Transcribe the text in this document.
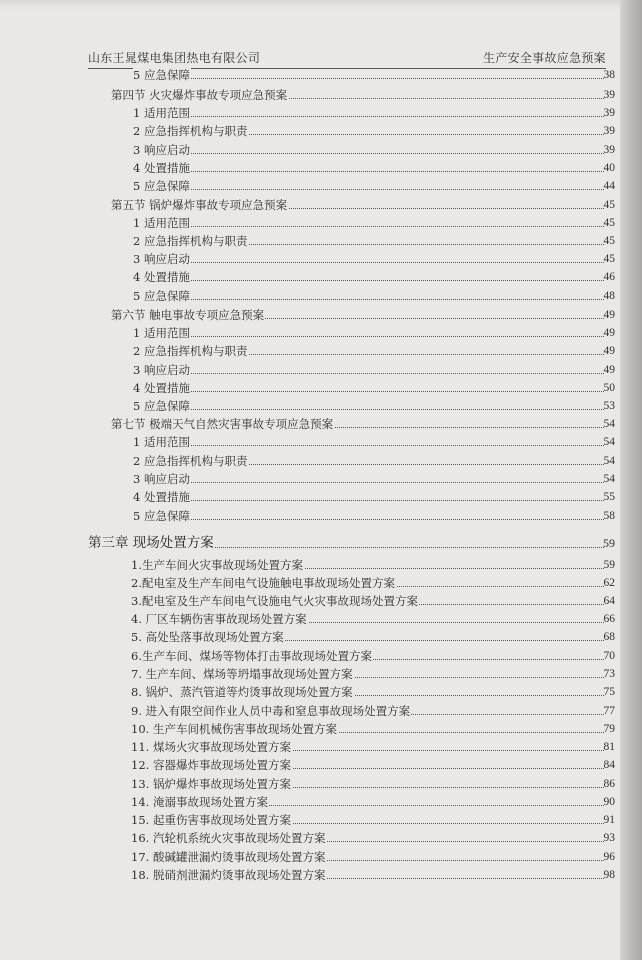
山东王晁煤电集团热电有限公司	生产安全事故应急预案
5 应急保障	38
第四节 火灾爆炸事故专项应急预案	39
1 适用范围	39
2 应急指挥机构与职责	39
3 响应启动	39
4 处置措施	40
5 应急保障	44
第五节 锅炉爆炸事故专项应急预案	45
1 适用范围	45
2 应急指挥机构与职责	45
3 响应启动	45
4 处置措施	46
5 应急保障	48
第六节 触电事故专项应急预案	49
1 适用范围	49
2 应急指挥机构与职责	49
3 响应启动	49
4 处置措施	50
5 应急保障	53
第七节 极端天气自然灾害事故专项应急预案	54
1 适用范围	54
2 应急指挥机构与职责	54
3 响应启动	54
4 处置措施	55
5 应急保障	58
第三章 现场处置方案	59
1.生产车间火灾事故现场处置方案	59
2.配电室及生产车间电气设施触电事故现场处置方案	62
3.配电室及生产车间电气设施电气火灾事故现场处置方案	64
4. 厂区车辆伤害事故现场处置方案	66
5. 高处坠落事故现场处置方案	68
6.生产车间、煤场等物体打击事故现场处置方案	70
7. 生产车间、煤场等坍塌事故现场处置方案	73
8. 锅炉、蒸汽管道等灼烫事故现场处置方案	75
9. 进入有限空间作业人员中毒和窒息事故现场处置方案	77
10. 生产车间机械伤害事故现场处置方案	79
11. 煤场火灾事故现场处置方案	81
12. 容器爆炸事故现场处置方案	84
13. 锅炉爆炸事故现场处置方案	86
14. 淹溺事故现场处置方案	90
15. 起重伤害事故现场处置方案	91
16. 汽轮机系统火灾事故现场处置方案	93
17. 酸碱罐泄漏灼烫事故现场处置方案	96
18. 脱硝剂泄漏灼烫事故现场处置方案	98
